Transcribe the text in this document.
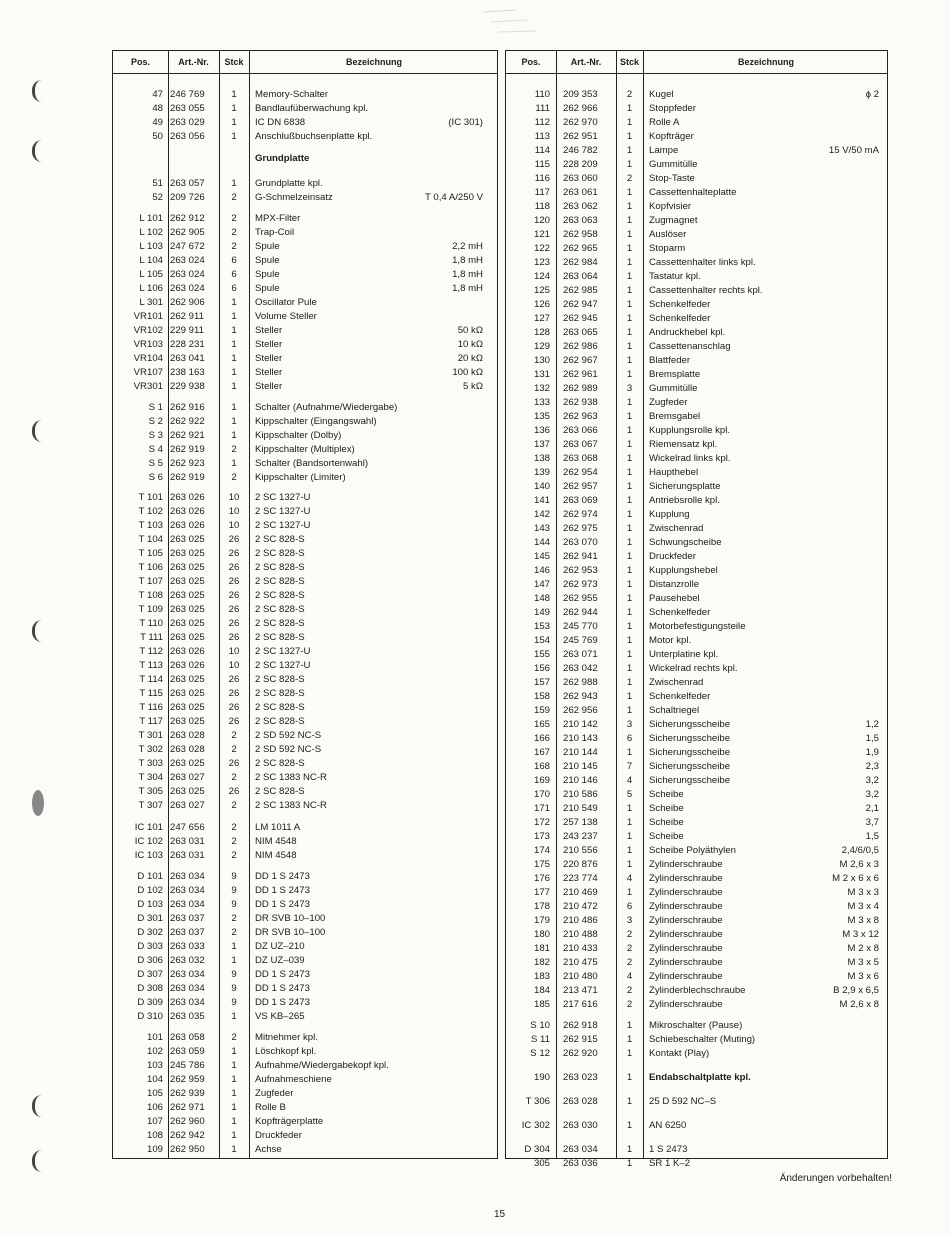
Pos.	Art.-Nr.	Stck	Bezeichnung
47 246 769	1	Memory-Schalter
48 263 055	1	Bandlaufüberwachung kpl.
49 263 029	1	IC DN 6838	(IC 301)
50 263 056	1	Anschlußbuchsenplatte kpl.
Grundplatte
51 263 057	1	Grundplatte kpl.
52 209 726	2	G-Schmelzeinsatz	T 0,4 A/250 V
L 101 262 912	2	MPX-Filter
L 102 262 905	2	Trap-Coil
L 103 247 672	2	Spule	2,2 mH
L 104 263 024	6	Spule	1,8 mH
L 105 263 024	6	Spule	1,8 mH
L 106 263 024	6	Spule	1,8 mH
L 301 262 906	1	Oscillator Pule
VR101 262 911	1	Volume Steller
VR102 229 911	1	Steller	50 kΩ
VR103 228 231	1	Steller	10 kΩ
VR104 263 041	1	Steller	20 kΩ
VR107 238 163	1	Steller	100 kΩ
VR301 229 938	1	Steller	5 kΩ
S 1 262 916	1	Schalter (Aufnahme/Wiedergabe)
S 2 262 922	1	Kippschalter (Eingangswahl)
S 3 262 921	1	Kippschalter (Dolby)
S 4 262 919	2	Kippschalter (Multiplex)
S 5 262 923	1	Schalter (Bandsortenwahl)
S 6 262 919	2	Kippschalter (Limiter)
T 101 263 026	10	2 SC 1327-U
T 102 263 026	10	2 SC 1327-U
T 103 263 026	10	2 SC 1327-U
T 104 263 025	26	2 SC 828-S
T 105 263 025	26	2 SC 828-S
T 106 263 025	26	2 SC 828-S
T 107 263 025	26	2 SC 828-S
T 108 263 025	26	2 SC 828-S
T 109 263 025	26	2 SC 828-S
T 110 263 025	26	2 SC 828-S
T 111 263 025	26	2 SC 828-S
T 112 263 026	10	2 SC 1327-U
T 113 263 026	10	2 SC 1327-U
T 114 263 025	26	2 SC 828-S
T 115 263 025	26	2 SC 828-S
T 116 263 025	26	2 SC 828-S
T 117 263 025	26	2 SC 828-S
T 301 263 028	2	2 SD 592 NC-S
T 302 263 028	2	2 SD 592 NC-S
T 303 263 025	26	2 SC 828-S
T 304 263 027	2	2 SC 1383 NC-R
T 305 263 025	26	2 SC 828-S
T 307 263 027	2	2 SC 1383 NC-R
IC 101 247 656	2	LM 1011 A
IC 102 263 031	2	NIM 4548
IC 103 263 031	2	NIM 4548
D 101 263 034	9	DD 1 S 2473
D 102 263 034	9	DD 1 S 2473
D 103 263 034	9	DD 1 S 2473
D 301 263 037	2	DR SVB 10–100
D 302 263 037	2	DR SVB 10–100
D 303 263 033	1	DZ UZ–210
D 306 263 032	1	DZ UZ–039
D 307 263 034	9	DD 1 S 2473
D 308 263 034	9	DD 1 S 2473
D 309 263 034	9	DD 1 S 2473
D 310 263 035	1	VS KB–265
101 263 058	2	Mitnehmer kpl.
102 263 059	1	Löschkopf kpl.
103 245 786	1	Aufnahme/Wiedergabekopf kpl.
104 262 959	1	Aufnahmeschiene
105 262 939	1	Zugfeder
106 262 971	1	Rolle B
107 262 960	1	Kopfträgerplatte
108 262 942	1	Druckfeder
109 262 950	1	Achse
Pos.	Art.-Nr.	Stck	Bezeichnung
110 209 353	2	Kugel	ϕ 2
111 262 966	1	Stoppfeder
112 262 970	1	Rolle A
113 262 951	1	Kopfträger
114 246 782	1	Lampe	15 V/50 mA
115 228 209	1	Gummitülle
116 263 060	2	Stop-Taste
117 263 061	1	Cassettenhalteplatte
118 263 062	1	Kopfvisier
120 263 063	1	Zugmagnet
121 262 958	1	Auslöser
122 262 965	1	Stoparm
123 262 984	1	Cassettenhalter links kpl.
124 263 064	1	Tastatur kpl.
125 262 985	1	Cassettenhalter rechts kpl.
126 262 947	1	Schenkelfeder
127 262 945	1	Schenkelfeder
128 263 065	1	Andruckhebel kpl.
129 262 986	1	Cassettenanschlag
130 262 967	1	Blattfeder
131 262 961	1	Bremsplatte
132 262 989	3	Gummitülle
133 262 938	1	Zugfeder
135 262 963	1	Bremsgabel
136 263 066	1	Kupplungsrolle kpl.
137 263 067	1	Riemensatz kpl.
138 263 068	1	Wickelrad links kpl.
139 262 954	1	Haupthebel
140 262 957	1	Sicherungsplatte
141 263 069	1	Antriebsrolle kpl.
142 262 974	1	Kupplung
143 262 975	1	Zwischenrad
144 263 070	1	Schwungscheibe
145 262 941	1	Druckfeder
146 262 953	1	Kupplungshebel
147 262 973	1	Distanzrolle
148 262 955	1	Pausehebel
149 262 944	1	Schenkelfeder
153 245 770	1	Motorbefestigungsteile
154 245 769	1	Motor kpl.
155 263 071	1	Unterplatine kpl.
156 263 042	1	Wickelrad rechts kpl.
157 262 988	1	Zwischenrad
158 262 943	1	Schenkelfeder
159 262 956	1	Schaltriegel
165 210 142	3	Sicherungsscheibe	1,2
166 210 143	6	Sicherungsscheibe	1,5
167 210 144	1	Sicherungsscheibe	1,9
168 210 145	7	Sicherungsscheibe	2,3
169 210 146	4	Sicherungsscheibe	3,2
170 210 586	5	Scheibe	3,2
171 210 549	1	Scheibe	2,1
172 257 138	1	Scheibe	3,7
173 243 237	1	Scheibe	1,5
174 210 556	1	Scheibe Polyäthylen	2,4/6/0,5
175 220 876	1	Zylinderschraube	M 2,6 x 3
176 223 774	4	Zylinderschraube	M 2 x 6 x 6
177 210 469	1	Zylinderschraube	M 3 x 3
178 210 472	6	Zylinderschraube	M 3 x 4
179 210 486	3	Zylinderschraube	M 3 x 8
180 210 488	2	Zylinderschraube	M 3 x 12
181 210 433	2	Zylinderschraube	M 2 x 8
182 210 475	2	Zylinderschraube	M 3 x 5
183 210 480	4	Zylinderschraube	M 3 x 6
184 213 471	2	Zylinderblechschraube	B 2,9 x 6,5
185 217 616	2	Zylinderschraube	M 2,6 x 8
S 10 262 918	1	Mikroschalter (Pause)
S 11 262 915	1	Schiebeschalter (Muting)
S 12 262 920	1	Kontakt (Play)
190 263 023	1	Endabschaltplatte kpl.
T 306 263 028	1	25 D 592 NC–S
IC 302 263 030	1	AN 6250
D 304 263 034	1	1 S 2473
305 263 036	1	SR 1 K–2
Änderungen vorbehalten!
15
